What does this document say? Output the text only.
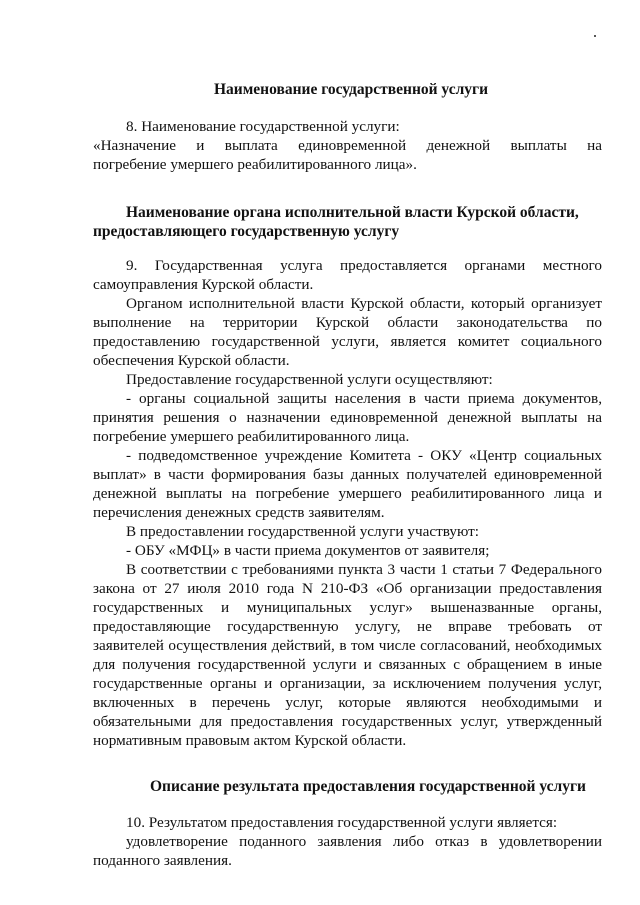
Наименование государственной услуги
8. Наименование государственной услуги:
«Назначение и выплата единовременной денежной выплаты на
погребение умершего реабилитированного лица».
Наименование органа исполнительной власти Курской области,
предоставляющего государственную услугу
9. Государственная услуга предоставляется органами местного
самоуправления Курской области.
Органом исполнительной власти Курской области, который организует
выполнение на территории Курской области законодательства по
предоставлению государственной услуги, является комитет социального
обеспечения Курской области.
Предоставление государственной услуги осуществляют:
- органы социальной защиты населения в части приема документов,
принятия решения о назначении единовременной денежной выплаты на
погребение умершего реабилитированного лица.
- подведомственное учреждение Комитета - ОКУ «Центр социальных
выплат» в части формирования базы данных получателей единовременной
денежной выплаты на погребение умершего реабилитированного лица и
перечисления денежных средств заявителям.
В предоставлении государственной услуги участвуют:
- ОБУ «МФЦ» в части приема документов от заявителя;
В соответствии с требованиями пункта 3 части 1 статьи 7 Федерального
закона от 27 июля 2010 года N 210-ФЗ «Об организации предоставления
государственных и муниципальных услуг» вышеназванные органы,
предоставляющие государственную услугу, не вправе требовать от
заявителей осуществления действий, в том числе согласований, необходимых
для получения государственной услуги и связанных с обращением в иные
государственные органы и организации, за исключением получения услуг,
включенных в перечень услуг, которые являются необходимыми и
обязательными для предоставления государственных услуг, утвержденный
нормативным правовым актом Курской области.
Описание результата предоставления государственной услуги
10. Результатом предоставления государственной услуги является:
удовлетворение поданного заявления либо отказ в удовлетворении
поданного заявления.
